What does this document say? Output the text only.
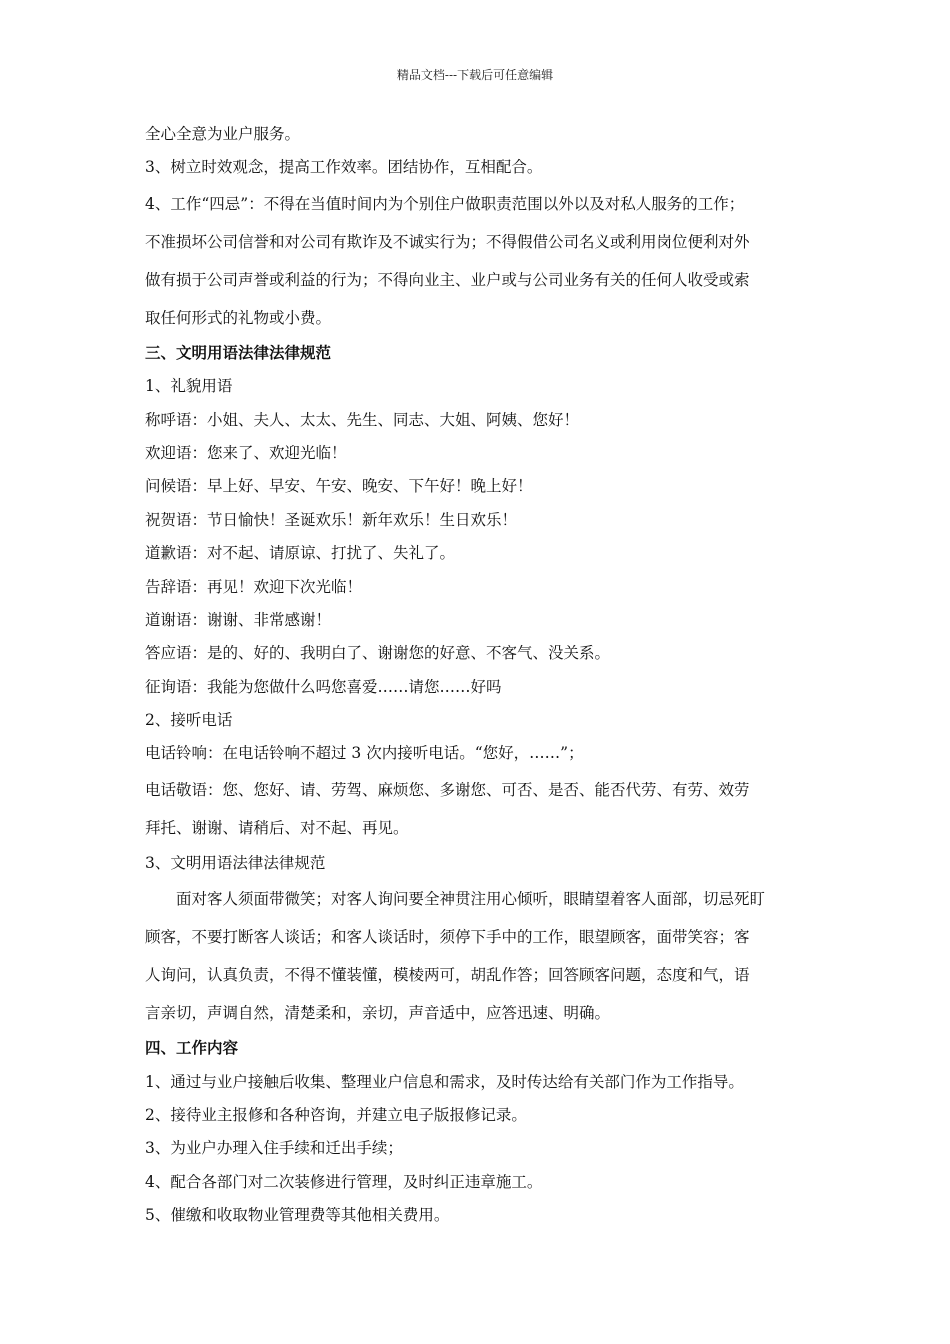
精品文档---下载后可任意编辑
全心全意为业户服务。
3、树立时效观念，提高工作效率。团结协作，互相配合。
4、工作“四忌”：不得在当值时间内为个别住户做职责范围以外以及对私人服务的工作；
不准损坏公司信誉和对公司有欺诈及不诚实行为；不得假借公司名义或利用岗位便利对外
做有损于公司声誉或利益的行为；不得向业主、业户或与公司业务有关的任何人收受或索
取任何形式的礼物或小费。
三、文明用语法律法律规范
1、礼貌用语
称呼语：小姐、夫人、太太、先生、同志、大姐、阿姨、您好！
欢迎语：您来了、欢迎光临！
问候语：早上好、早安、午安、晚安、下午好！晚上好！
祝贺语：节日愉快！圣诞欢乐！新年欢乐！生日欢乐！
道歉语：对不起、请原谅、打扰了、失礼了。
告辞语：再见！欢迎下次光临！
道谢语：谢谢、非常感谢！
答应语：是的、好的、我明白了、谢谢您的好意、不客气、没关系。
征询语：我能为您做什么吗您喜爱……请您……好吗
2、接听电话
电话铃响：在电话铃响不超过 3 次内接听电话。“您好，……”；
电话敬语：您、您好、请、劳驾、麻烦您、多谢您、可否、是否、能否代劳、有劳、效劳
拜托、谢谢、请稍后、对不起、再见。
3、文明用语法律法律规范
面对客人须面带微笑；对客人询问要全神贯注用心倾听，眼睛望着客人面部，切忌死盯
顾客，不要打断客人谈话；和客人谈话时，须停下手中的工作，眼望顾客，面带笑容；客
人询问，认真负责，不得不懂装懂，模棱两可，胡乱作答；回答顾客问题，态度和气，语
言亲切，声调自然，清楚柔和，亲切，声音适中，应答迅速、明确。
四、工作内容
1、通过与业户接触后收集、整理业户信息和需求，及时传达给有关部门作为工作指导。
2、接待业主报修和各种咨询，并建立电子版报修记录。
3、为业户办理入住手续和迁出手续；
4、配合各部门对二次装修进行管理，及时纠正违章施工。
5、催缴和收取物业管理费等其他相关费用。
